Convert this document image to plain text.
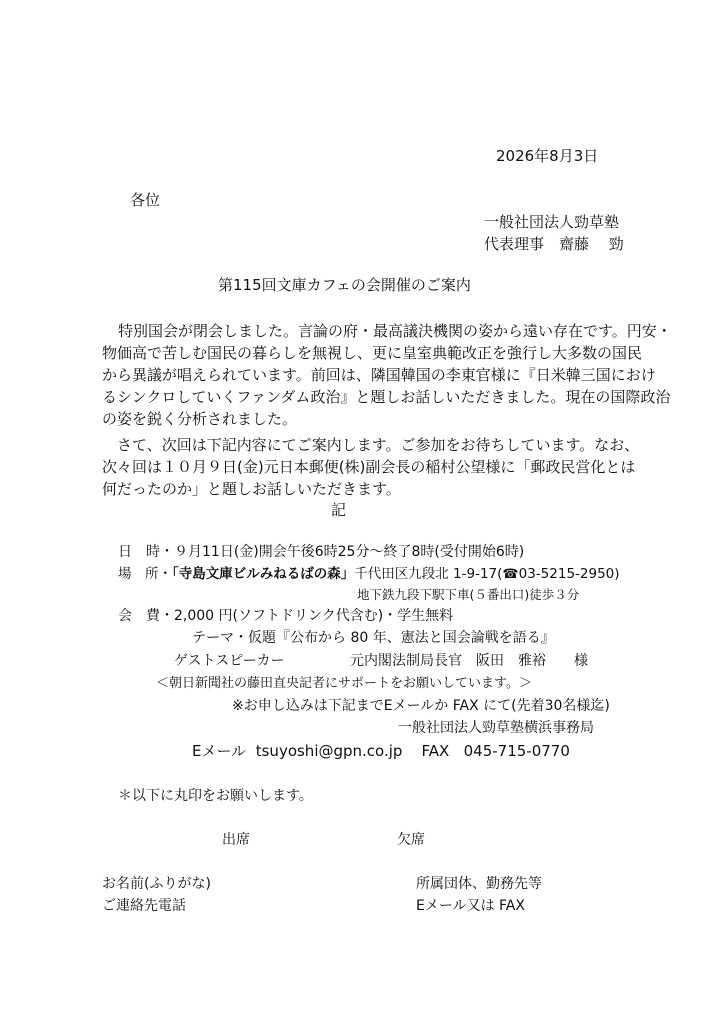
2026年8月3日
各位
一般社団法人勁草塾
代表理事　齋藤　 勁
第115回文庫カフェの会開催のご案内
特別国会が閉会しました。言論の府・最高議決機関の姿から遠い存在です。円安・
物価高で苦しむ国民の暮らしを無視し、更に皇室典範改正を強行し大多数の国民
から異議が唱えられています。前回は、隣国韓国の李東官様に『日米韓三国におけ
るシンクロしていくファンダム政治』と題しお話しいただきました。現在の国際政治
の姿を鋭く分析されました。
　さて、次回は下記内容にてご案内します。ご参加をお待ちしています。なお、
次々回は１０月９日(金)元日本郵便(株)副会長の稲村公望様に「郵政民営化とは
何だったのか」と題しお話しいただきます。
記
日　時・９月11日(金)開会午後6時25分～終了8時(受付開始6時)
場　所・「寺島文庫ビルみねるばの森」千代田区九段北 1-9-17(☎03-5215-2950)
地下鉄九段下駅下車(５番出口)徒歩３分
会　費・2,000 円(ソフトドリンク代含む)・学生無料
テーマ・仮題『公布から 80 年、憲法と国会論戦を語る』
ゲストスピーカー	元内閣法制局長官　阪田　雅裕　　様
＜朝日新聞社の藤田直央記者にサポートをお願いしています。＞
※お申し込みは下記までEメールか FAX にて(先着30名様迄)
一般社団法人勁草塾横浜事務局
Eメール tsuyoshi@gpn.co.jp FAX 045-715-0770
＊以下に丸印をお願いします。
出席	欠席
お名前(ふりがな)	所属団体、勤務先等
ご連絡先電話	Eメール又は FAX
